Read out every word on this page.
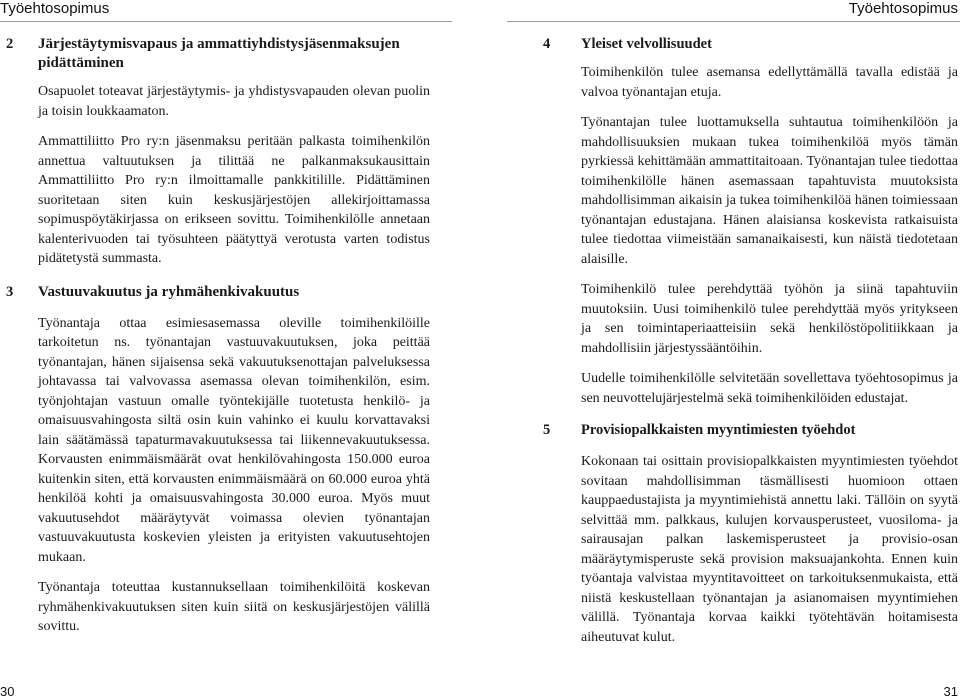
Työehtosopimus	Työehtosopimus
2	Järjestäytymisvapaus ja ammattiyhdistysjäsenmaksujen pidättäminen

Osapuolet toteavat järjestäytymis- ja yhdistysvapauden olevan puolin ja toisin loukkaamaton.

Ammattiliitto Pro ry:n jäsenmaksu peritään palkasta toimihenkilön annettua valtuutuksen ja tilittää ne palkanmaksukausittain Ammattiliitto Pro ry:n ilmoittamalle pankkitilille. Pidättäminen suoritetaan siten kuin keskusjärjestöjen allekirjoittamassa sopimuspöytäkirjassa on erikseen sovittu. Toimihenkilölle annetaan kalenterivuoden tai työsuhteen päätyttyä verotusta varten todistus pidätetystä summasta.

3	Vastuuvakuutus ja ryhmähenkivakuutus

Työnantaja ottaa esimiesasemassa oleville toimihenkilöille tarkoitetun ns. työnantajan vastuuvakuutuksen, joka peittää työnantajan, hänen sijaisensa sekä vakuutuksenottajan palveluksessa johtavassa tai valvovassa asemassa olevan toimihenkilön, esim. työnjohtajan vastuun omalle työntekijälle tuotetusta henkilö- ja omaisuusvahingosta siltä osin kuin vahinko ei kuulu korvattavaksi lain säätämässä tapaturmavakuutuksessa tai liikennevakuutuksessa. Korvausten enimmäismäärät ovat henkilövahingosta 150.000 euroa kuitenkin siten, että korvausten enimmäismäärä on 60.000 euroa yhtä henkilöä kohti ja omaisuusvahingosta 30.000 euroa. Myös muut vakuutusehdot määräytyvät voimassa olevien työnantajan vastuuvakuutusta koskevien yleisten ja erityisten vakuutusehtojen mukaan.

Työnantaja toteuttaa kustannuksellaan toimihenkilöitä koskevan ryhmähenkivakuutuksen siten kuin siitä on keskusjärjestöjen välillä sovittu.

4	Yleiset velvollisuudet

Toimihenkilön tulee asemansa edellyttämällä tavalla edistää ja valvoa työnantajan etuja.

Työnantajan tulee luottamuksella suhtautua toimihenkilöön ja mahdollisuuksien mukaan tukea toimihenkilöä myös tämän pyrkiessä kehittämään ammattitaitoaan. Työnantajan tulee tiedottaa toimihenkilölle hänen asemassaan tapahtuvista muutoksista mahdollisimman aikaisin ja tukea toimihenkilöä hänen toimiessaan työnantajan edustajana. Hänen alaisiansa koskevista ratkaisuista tulee tiedottaa viimeistään samanaikaisesti, kun näistä tiedotetaan alaisille.

Toimihenkilö tulee perehdyttää työhön ja siinä tapahtuviin muutoksiin. Uusi toimihenkilö tulee perehdyttää myös yritykseen ja sen toimintaperiaatteisiin sekä henkilöstöpolitiikkaan ja mahdollisiin järjestyssääntöihin.

Uudelle toimihenkilölle selvitetään sovellettava työehtosopimus ja sen neuvottelujärjestelmä sekä toimihenkilöiden edustajat.

5	Provisiopalkkaisten myyntimiesten työehdot

Kokonaan tai osittain provisiopalkkaisten myyntimiesten työehdot sovitaan mahdollisimman täsmällisesti huomioon ottaen kauppaedustajista ja myyntimiehistä annettu laki. Tällöin on syytä selvittää mm. palkkaus, kulujen korvausperusteet, vuosiloma- ja sairausajan palkan laskemisperusteet ja provisio-osan määräytymisperuste sekä provision maksuajankohta. Ennen kuin työantaja valvistaa myyntitavoitteet on tarkoituksenmukaista, että niistä keskustellaan työnantajan ja asianomaisen myyntimiehen välillä. Työnantaja korvaa kaikki työtehtävän hoitamisesta aiheutuvat kulut.

30	31
